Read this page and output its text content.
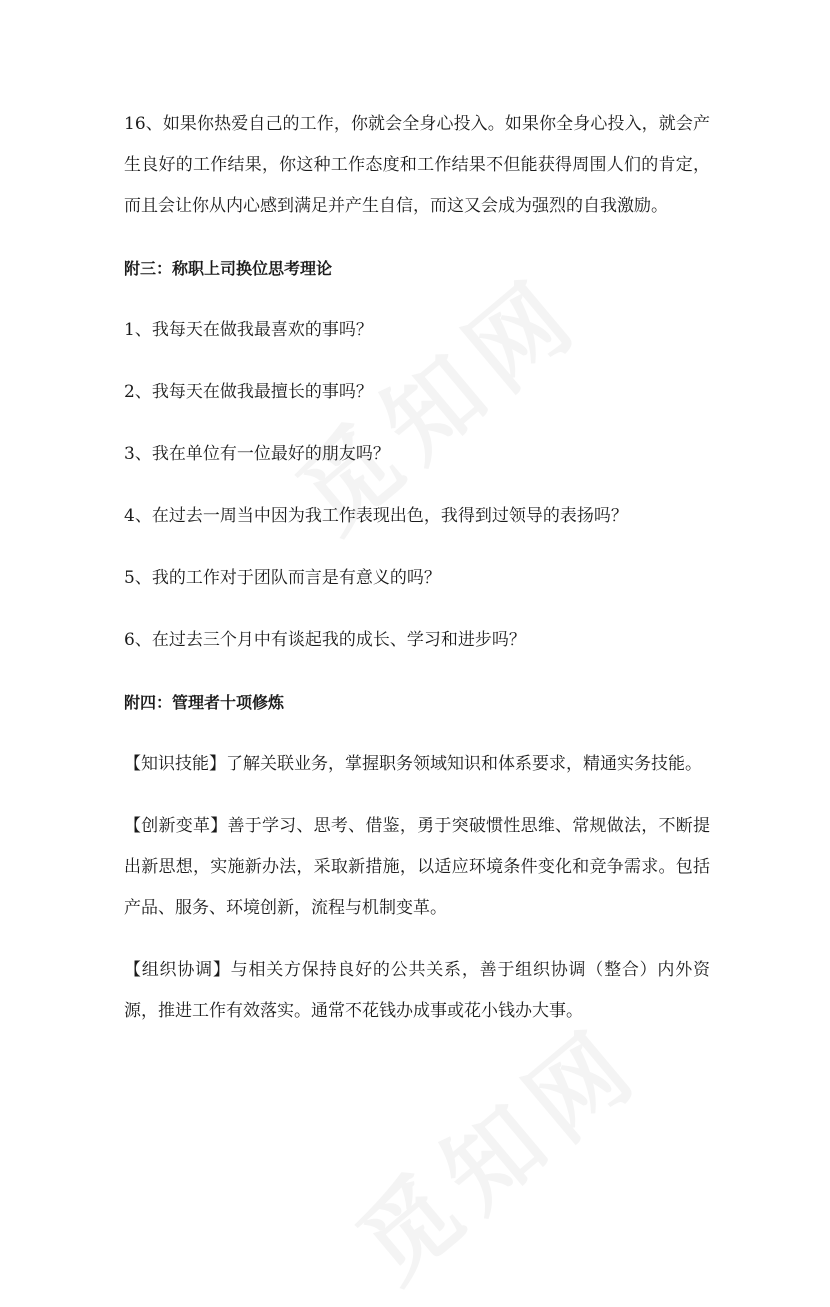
16、如果你热爱自己的工作，你就会全身心投入。如果你全身心投入，就会产生良好的工作结果，你这种工作态度和工作结果不但能获得周围人们的肯定，而且会让你从内心感到满足并产生自信，而这又会成为强烈的自我激励。

附三：称职上司换位思考理论

1、我每天在做我最喜欢的事吗？

2、我每天在做我最擅长的事吗？

3、我在单位有一位最好的朋友吗？

4、在过去一周当中因为我工作表现出色，我得到过领导的表扬吗？

5、我的工作对于团队而言是有意义的吗？

6、在过去三个月中有谈起我的成长、学习和进步吗？

附四：管理者十项修炼

【知识技能】了解关联业务，掌握职务领域知识和体系要求，精通实务技能。

【创新变革】善于学习、思考、借鉴，勇于突破惯性思维、常规做法，不断提出新思想，实施新办法，采取新措施，以适应环境条件变化和竞争需求。包括产品、服务、环境创新，流程与机制变革。

【组织协调】与相关方保持良好的公共关系，善于组织协调（整合）内外资源，推进工作有效落实。通常不花钱办成事或花小钱办大事。
